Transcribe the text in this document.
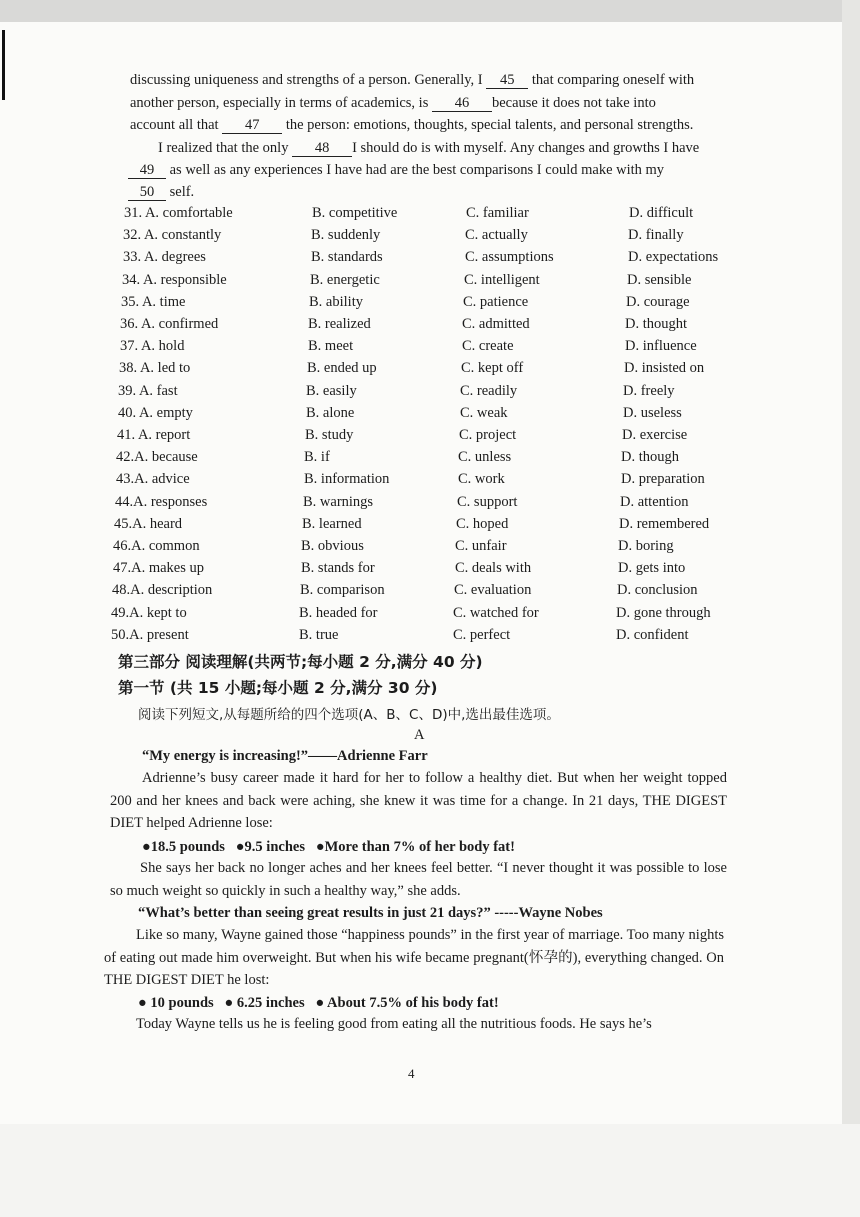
discussing uniqueness and strengths of a person. Generally, I 45 that comparing oneself with
another person, especially in terms of academics, is 46 because it does not take into
account all that 47 the person: emotions, thoughts, special talents, and personal strengths.
I realized that the only 48 I should do is with myself. Any changes and growths I have
49 as well as any experiences I have had are the best comparisons I could make with my
50 self.
31. A. comfortable	B. competitive	C. familiar	D. difficult
32. A. constantly	B. suddenly	C. actually	D. finally
33. A. degrees	B. standards	C. assumptions	D. expectations
34. A. responsible	B. energetic	C. intelligent	D. sensible
35. A. time	B. ability	C. patience	D. courage
36. A. confirmed	B. realized	C. admitted	D. thought
37. A. hold	B. meet	C. create	D. influence
38. A. led to	B. ended up	C. kept off	D. insisted on
39. A. fast	B. easily	C. readily	D. freely
40. A. empty	B. alone	C. weak	D. useless
41. A. report	B. study	C. project	D. exercise
42.A. because	B. if	C. unless	D. though
43.A. advice	B. information	C. work	D. preparation
44.A. responses	B. warnings	C. support	D. attention
45.A. heard	B. learned	C. hoped	D. remembered
46.A. common	B. obvious	C. unfair	D. boring
47.A. makes up	B. stands for	C. deals with	D. gets into
48.A. description	B. comparison	C. evaluation	D. conclusion
49.A. kept to	B. headed for	C. watched for	D. gone through
50.A. present	B. true	C. perfect	D. confident
第三部分 阅读理解(共两节;每小题 2 分,满分 40 分)
第一节 (共 15 小题;每小题 2 分,满分 30 分)
阅读下列短文,从每题所给的四个选项(A、B、C、D)中,选出最佳选项。
A
“My energy is increasing!”——Adrienne Farr
Adrienne’s busy career made it hard for her to follow a healthy diet. But when her weight topped 200 and her knees and back were aching, she knew it was time for a change. In 21 days, THE DIGEST DIET helped Adrienne lose:
●18.5 pounds   ●9.5 inches   ●More than 7% of her body fat!
She says her back no longer aches and her knees feel better. “I never thought it was possible to lose so much weight so quickly in such a healthy way,” she adds.
“What’s better than seeing great results in just 21 days?” -----Wayne Nobes
Like so many, Wayne gained those “happiness pounds” in the first year of marriage. Too many nights of eating out made him overweight. But when his wife became pregnant(怀孕的), everything changed. On THE DIGEST DIET he lost:
● 10 pounds   ● 6.25 inches   ● About 7.5% of his body fat!
Today Wayne tells us he is feeling good from eating all the nutritious foods. He says he’s
4
